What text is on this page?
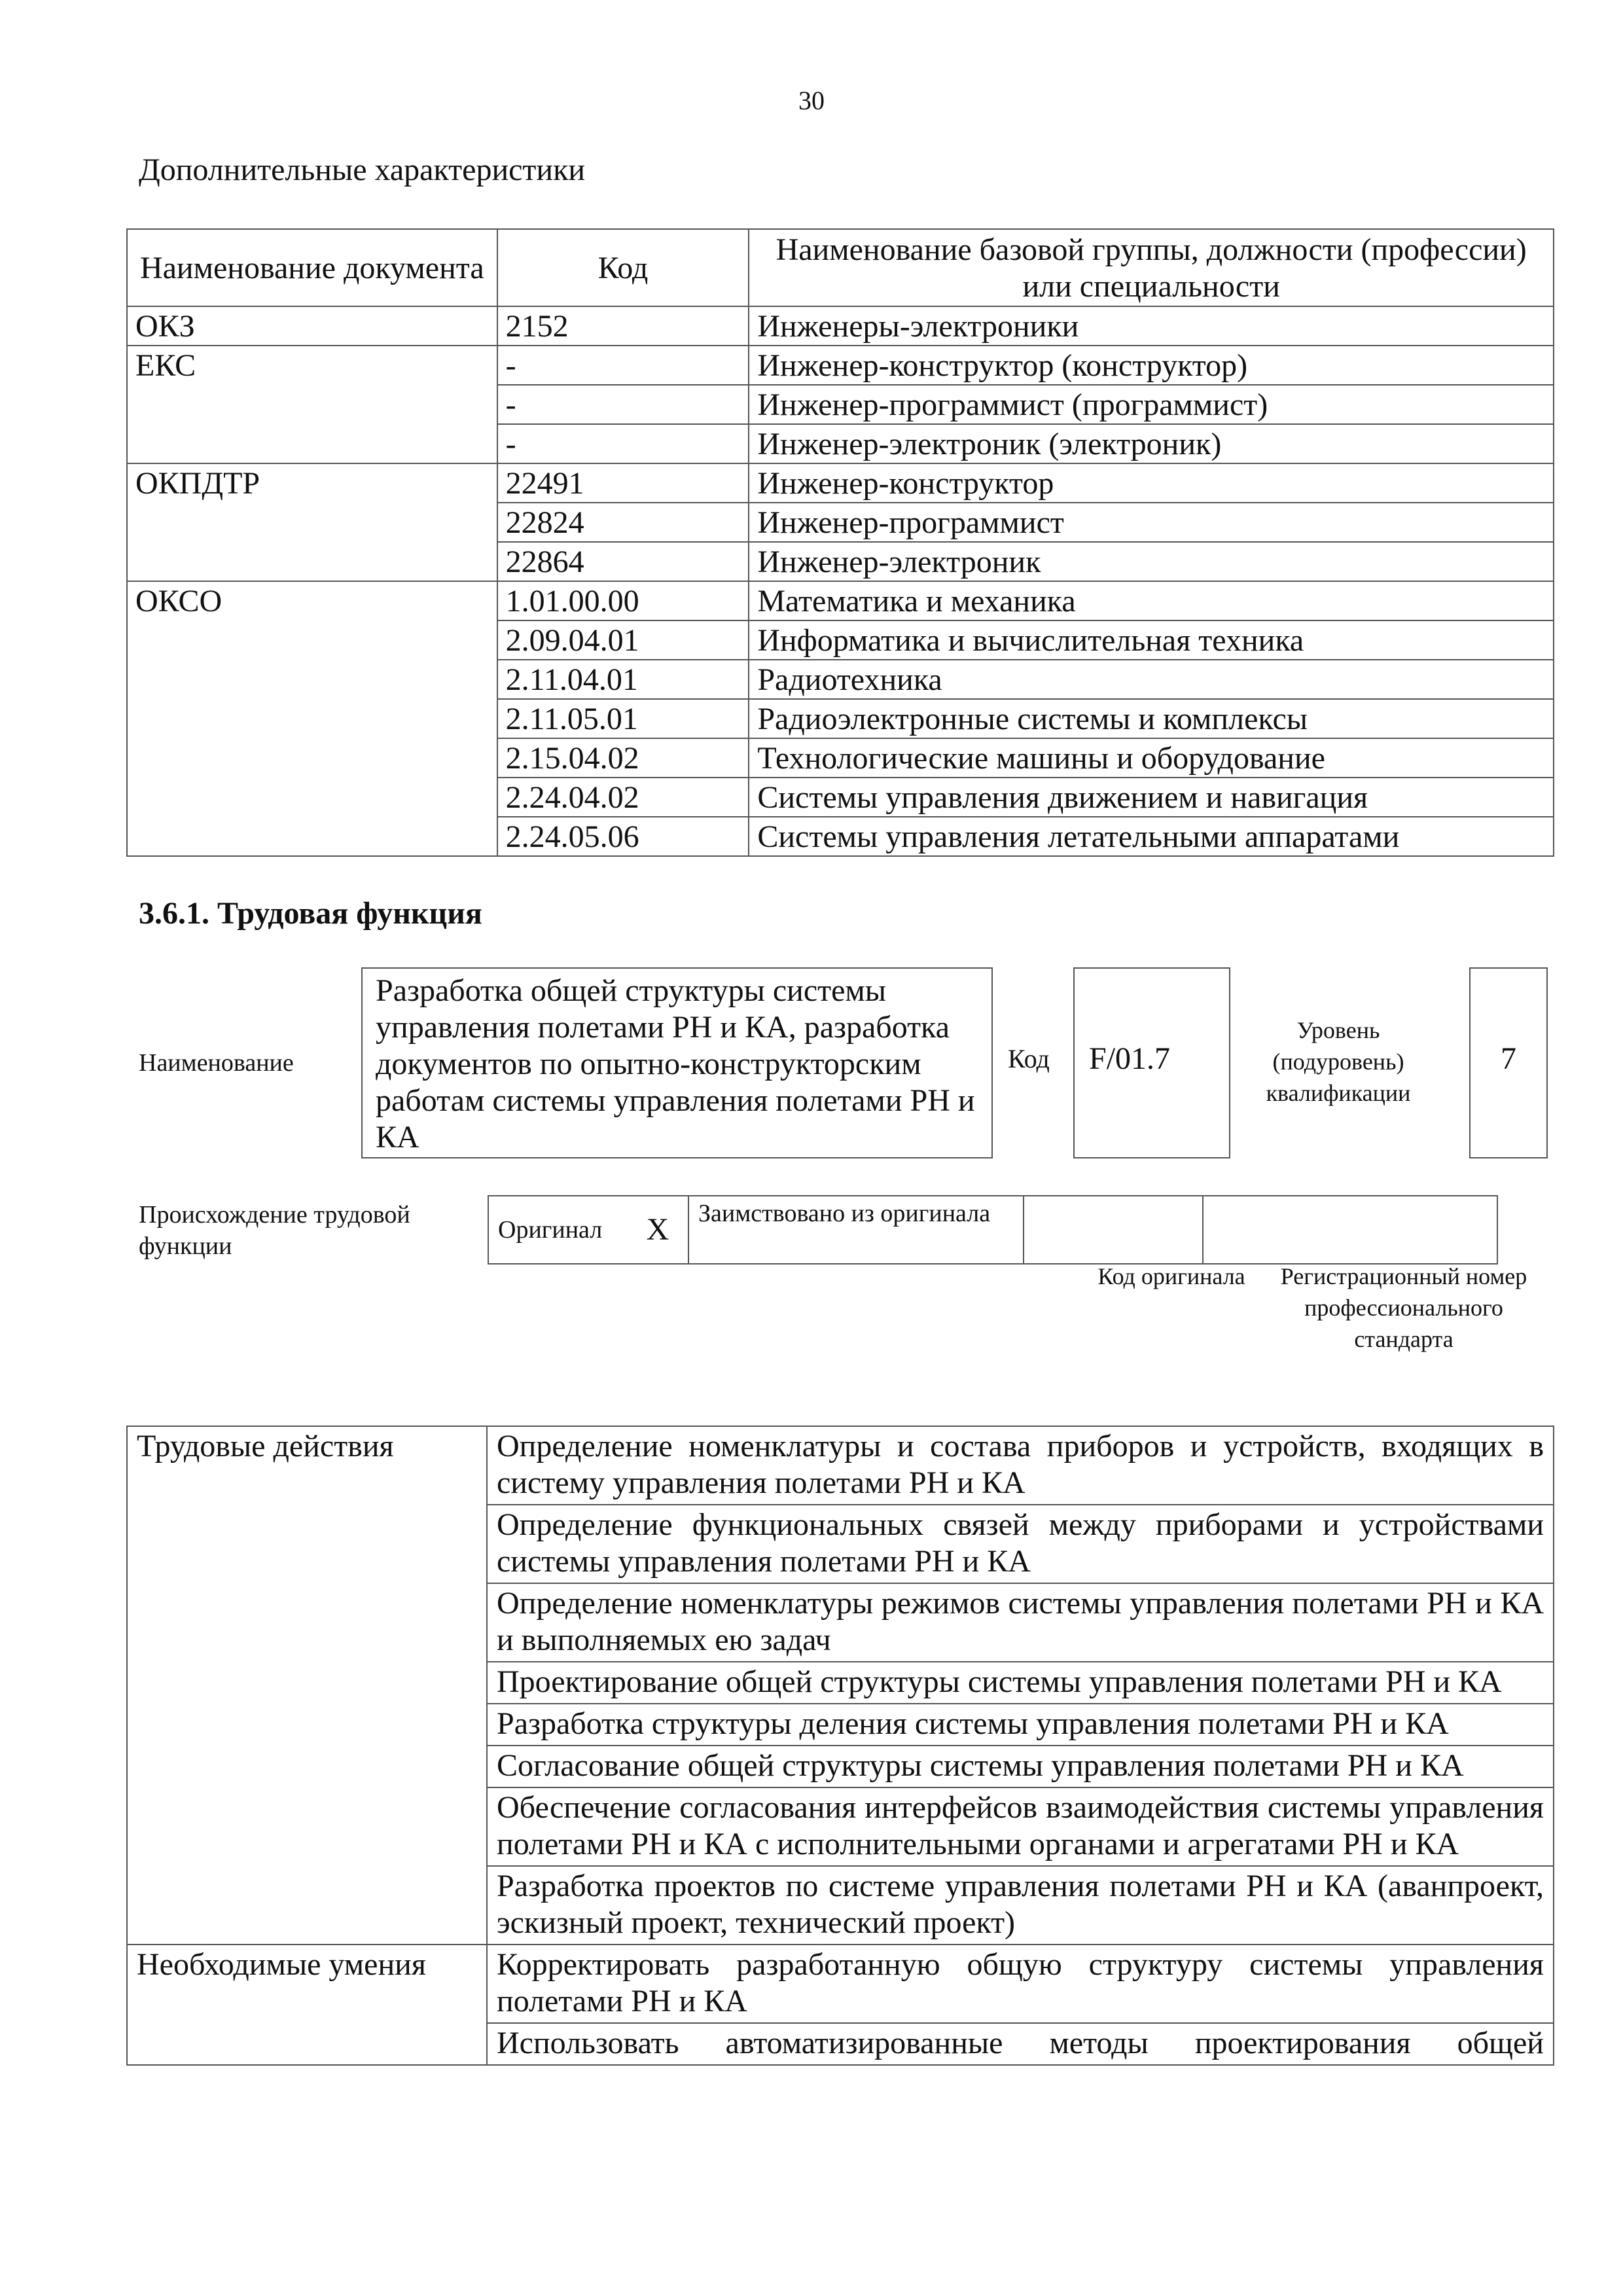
30
Дополнительные характеристики
Наименование документа	Код	Наименование базовой группы, должности (профессии) или специальности
ОКЗ	2152	Инженеры-электроники
ЕКС	-	Инженер-конструктор (конструктор)
	-	Инженер-программист (программист)
	-	Инженер-электроник (электроник)
ОКПДТР	22491	Инженер-конструктор
	22824	Инженер-программист
	22864	Инженер-электроник
ОКСО	1.01.00.00	Математика и механика
	2.09.04.01	Информатика и вычислительная техника
	2.11.04.01	Радиотехника
	2.11.05.01	Радиоэлектронные системы и комплексы
	2.15.04.02	Технологические машины и оборудование
	2.24.04.02	Системы управления движением и навигация
	2.24.05.06	Системы управления летательными аппаратами
3.6.1. Трудовая функция
Наименование
Разработка общей структуры системы управления полетами РН и КА, разработка документов по опытно-конструкторским работам системы управления полетами РН и КА
Код	F/01.7
Уровень (подуровень) квалификации
7
Происхождение трудовой функции
Оригинал	X	Заимствовано из оригинала		
Код оригинала	Регистрационный номер профессионального стандарта
Трудовые действия	Определение номенклатуры и состава приборов и устройств, входящих в систему управления полетами РН и КА
	Определение функциональных связей между приборами и устройствами системы управления полетами РН и КА
	Определение номенклатуры режимов системы управления полетами РН и КА и выполняемых ею задач
	Проектирование общей структуры системы управления полетами РН и КА
	Разработка структуры деления системы управления полетами РН и КА
	Согласование общей структуры системы управления полетами РН и КА
	Обеспечение согласования интерфейсов взаимодействия системы управления полетами РН и КА с исполнительными органами и агрегатами РН и КА
	Разработка проектов по системе управления полетами РН и КА (аванпроект, эскизный проект, технический проект)
Необходимые умения	Корректировать разработанную общую структуру системы управления полетами РН и КА
	Использовать автоматизированные методы проектирования общей
